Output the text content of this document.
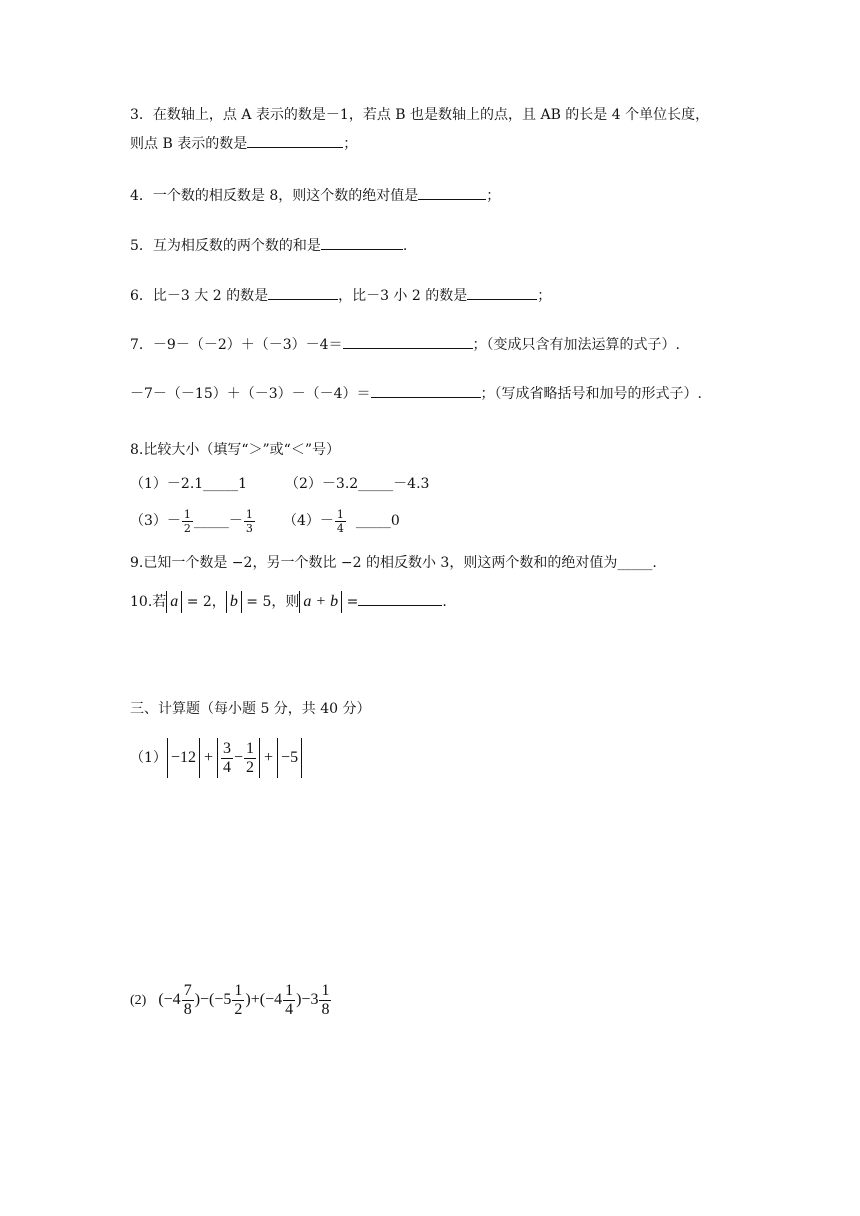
3．在数轴上，点 A 表示的数是－1，若点 B 也是数轴上的点，且 AB 的长是 4 个单位长度，
则点 B 表示的数是	；
4．一个数的相反数是 8，则这个数的绝对值是	；
5．互为相反数的两个数的和是	.
6．比－3 大 2 的数是	，比－3 小 2 的数是	；
7．－9－（－2）＋（－3）－4＝	；（变成只含有加法运算的式子）.
－7－（－15）＋（－3）－（－4）＝	；（写成省略括号和加号的形式子）.
8.比较大小（填写“＞”或“＜”号）
（1）－2.1_____1	（2）－3.2_____－4.3
$(3)- \frac{1}{2}$ _____－ $\frac{1}{3} (4)- \frac{1}{4}$ _____0
9.已知一个数是 −2，另一个数比 −2 的相反数小 3，则这两个数和的绝对值为_____.
10.若 a = 2， b = 5，则 a + b =	.
三、计算题（每小题 5 分，共 40 分）
$(1) -12 + \frac{3}{4} - \frac{1}{2} + -5$
(2) $(-4 \frac{7}{8} )-(-5 \frac{1}{2} )+(-4 \frac{1}{4} )-3 \frac{1}{8}$
